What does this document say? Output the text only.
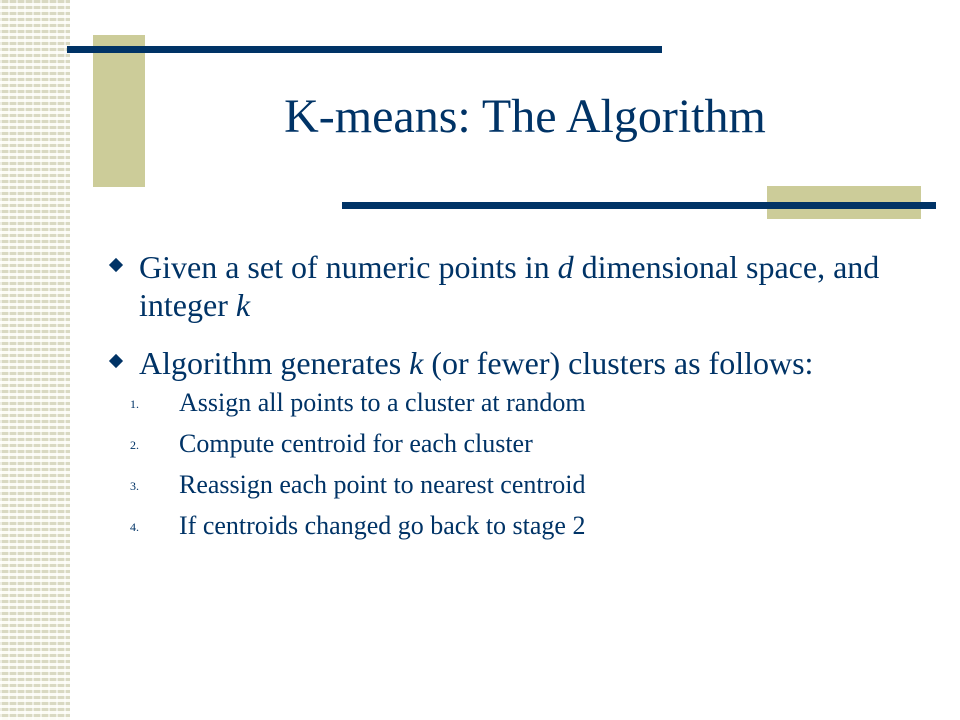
K-means: The Algorithm
Given a set of numeric points in d dimensional space, and integer k
Algorithm generates k (or fewer) clusters as follows:
1. Assign all points to a cluster at random
2. Compute centroid for each cluster
3. Reassign each point to nearest centroid
4. If centroids changed go back to stage 2
